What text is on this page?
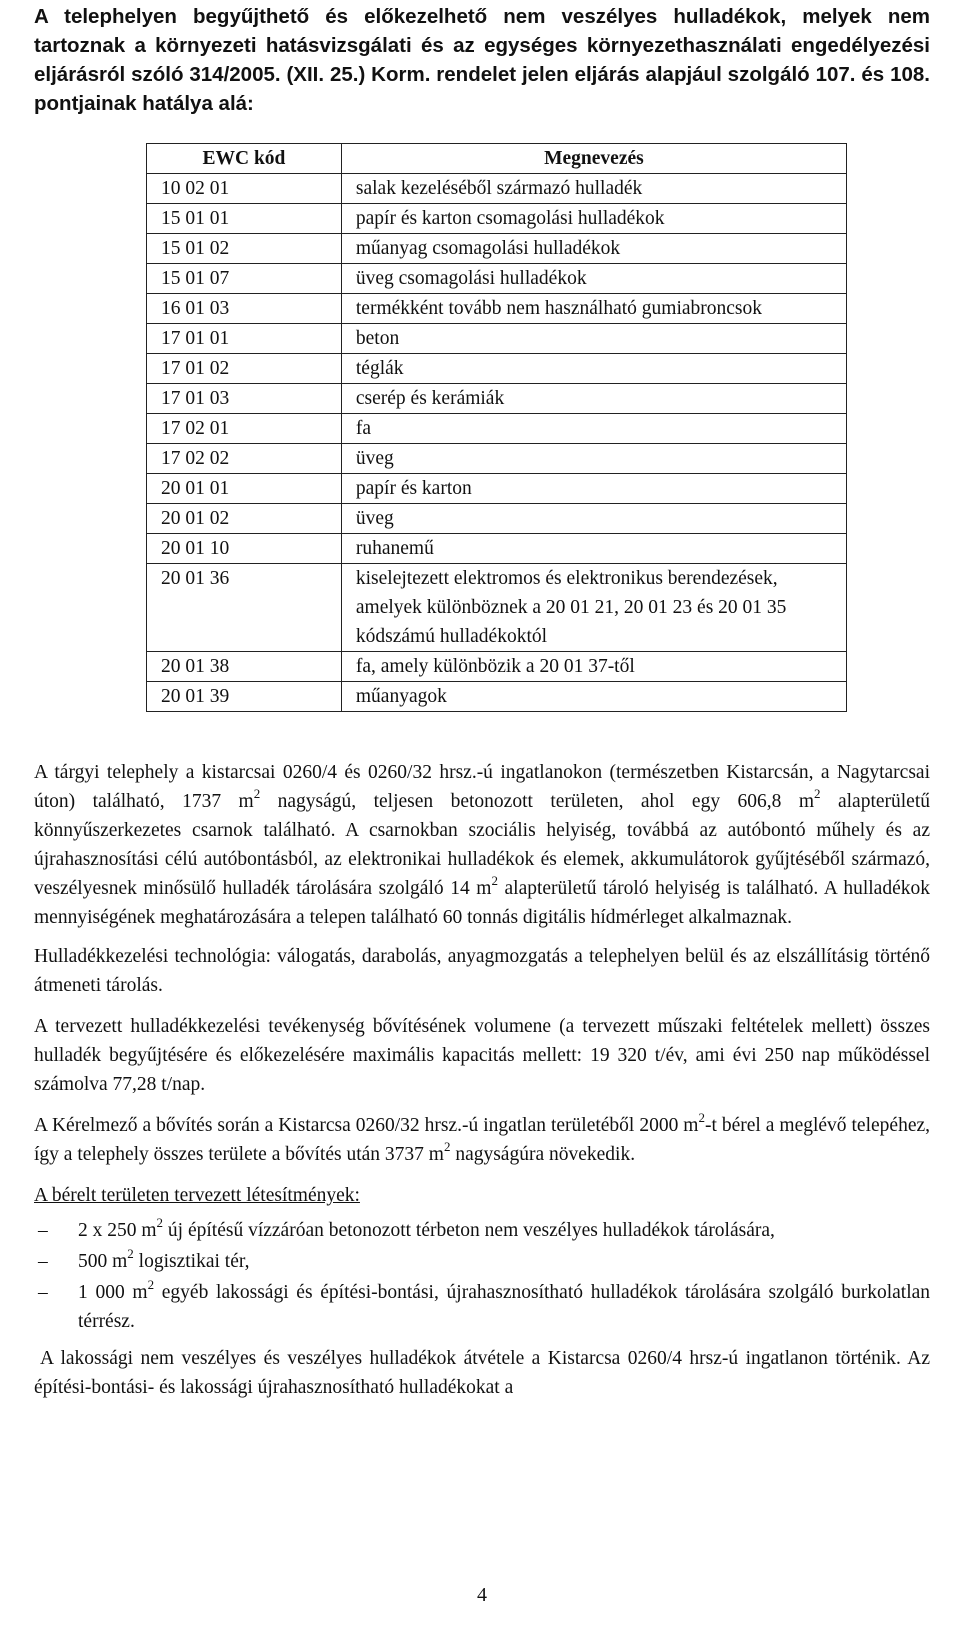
A telephelyen begyűjthető és előkezelhető nem veszélyes hulladékok, melyek nem tartoznak a környezeti hatásvizsgálati és az egységes környezethasználati engedélyezési eljárásról szóló 314/2005. (XII. 25.) Korm. rendelet jelen eljárás alapjául szolgáló 107. és 108. pontjainak hatálya alá:
EWC kód	Megnevezés
10 02 01	salak kezeléséből származó hulladék
15 01 01	papír és karton csomagolási hulladékok
15 01 02	műanyag csomagolási hulladékok
15 01 07	üveg csomagolási hulladékok
16 01 03	termékként tovább nem használható gumiabroncsok
17 01 01	beton
17 01 02	téglák
17 01 03	cserép és kerámiák
17 02 01	fa
17 02 02	üveg
20 01 01	papír és karton
20 01 02	üveg
20 01 10	ruhanemű
20 01 36	kiselejtezett elektromos és elektronikus berendezések, amelyek különböznek a 20 01 21, 20 01 23 és 20 01 35 kódszámú hulladékoktól
20 01 38	fa, amely különbözik a 20 01 37-től
20 01 39	műanyagok

A tárgyi telephely a kistarcsai 0260/4 és 0260/32 hrsz.-ú ingatlanokon (természetben Kistarcsán, a Nagytarcsai úton) található, 1737 $m^2$ nagyságú, teljesen betonozott területen, ahol egy 606,8 $m^2$ alapterületű könnyűszerkezetes csarnok található. A csarnokban szociális helyiség, továbbá az autóbontó műhely és az újrahasznosítási célú autóbontásból, az elektronikai hulladékok és elemek, akkumulátorok gyűjtéséből származó, veszélyesnek minősülő hulladék tárolására szolgáló 14 $m^2$ alapterületű tároló helyiség is található. A hulladékok mennyiségének meghatározására a telepen található 60 tonnás digitális hídmérleget alkalmaznak.

Hulladékkezelési technológia: válogatás, darabolás, anyagmozgatás a telephelyen belül és az elszállításig történő átmeneti tárolás.

A tervezett hulladékkezelési tevékenység bővítésének volumene (a tervezett műszaki feltételek mellett) összes hulladék begyűjtésére és előkezelésére maximális kapacitás mellett: 19 320 t/év, ami évi 250 nap működéssel számolva 77,28 t/nap.

A Kérelmező a bővítés során a Kistarcsa 0260/32 hrsz.-ú ingatlan területéből 2000 $m^2-t$ bérel a meglévő telepéhez, így a telephely összes területe a bővítés után 3737 $m^2$ nagyságúra növekedik.

A bérelt területen tervezett létesítmények:

– 2 x 250 $m^2$ új építésű vízzáróan betonozott térbeton nem veszélyes hulladékok tárolására,
– 500 $m^2$ logisztikai tér,
– 1 000 $m^2$ egyéb lakossági és építési-bontási, újrahasznosítható hulladékok tárolására szolgáló burkolatlan térrész.

A lakossági nem veszélyes és veszélyes hulladékok átvétele a Kistarcsa 0260/4 hrsz-ú ingatlanon történik. Az építési-bontási- és lakossági újrahasznosítható hulladékokat a

4
